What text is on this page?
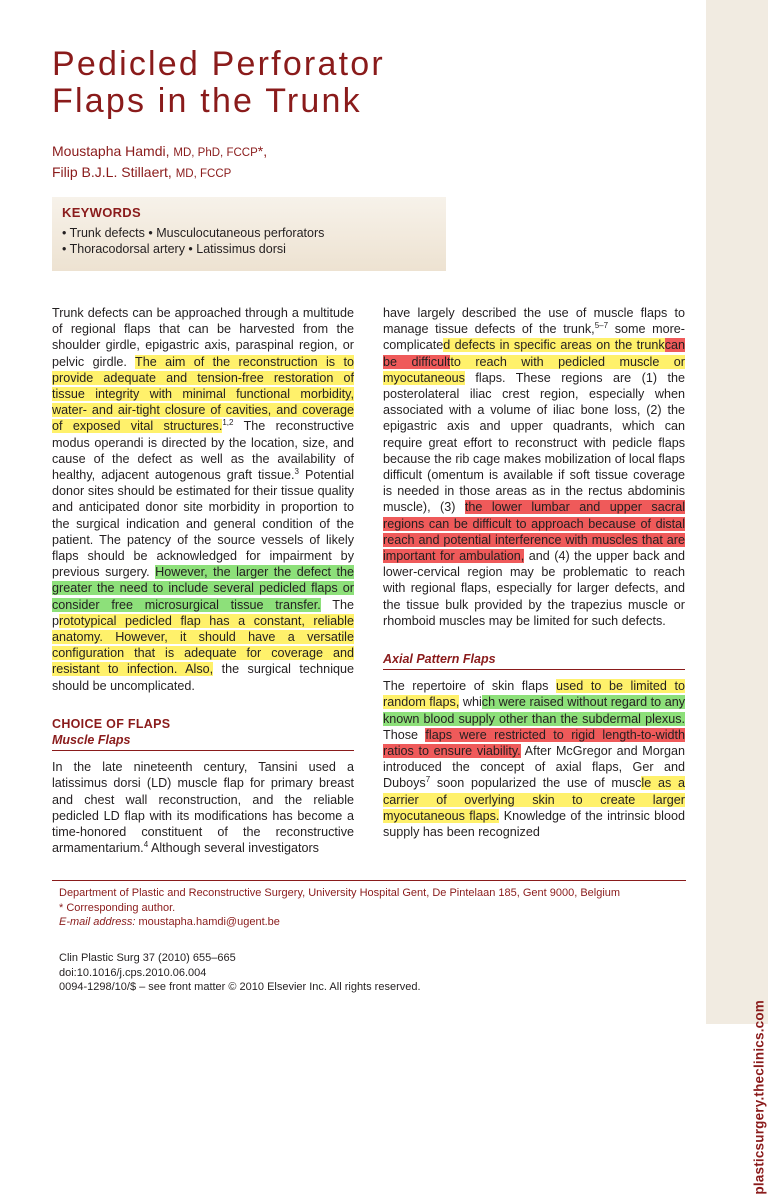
plasticsurgery.theclinics.com
Pedicled Perforator
Flaps in the Trunk
Moustapha Hamdi, MD, PhD, FCCP*,
Filip B.J.L. Stillaert, MD, FCCP
KEYWORDS
• Trunk defects • Musculocutaneous perforators
• Thoracodorsal artery • Latissimus dorsi

Trunk defects can be approached through a multitude of regional flaps that can be harvested from the shoulder girdle, epigastric axis, paraspinal region, or pelvic girdle. The aim of the reconstruction is to provide adequate and tension-free restoration of tissue integrity with minimal functional morbidity, water- and air-tight closure of cavities, and coverage of exposed vital structures.$^{1,2}$ The reconstructive modus operandi is directed by the location, size, and cause of the defect as well as the availability of healthy, adjacent autogenous graft tissue.$^3$ Potential donor sites should be estimated for their tissue quality and anticipated donor site morbidity in proportion to the surgical indication and general condition of the patient. The patency of the source vessels of likely flaps should be acknowledged for impairment by previous surgery. However, the larger the defect the greater the need to include several pedicled flaps or consider free microsurgical tissue transfer. The prototypical pedicled flap has a constant, reliable anatomy. However, it should have a versatile configuration that is adequate for coverage and resistant to infection. Also, the surgical technique should be uncomplicated.

CHOICE OF FLAPS
Muscle Flaps

In the late nineteenth century, Tansini used a latissimus dorsi (LD) muscle flap for primary breast and chest wall reconstruction, and the reliable pedicled LD flap with its modifications has become a time-honored constituent of the reconstructive armamentarium.$^4$ Although several investigators

have largely described the use of muscle flaps to manage tissue defects of the trunk,$^{5-7}$ some more-complicated defects in specific areas on the trunkcan be difficultto reach with pedicled muscle or myocutaneous flaps. These regions are (1) the posterolateral iliac crest region, especially when associated with a volume of iliac bone loss, (2) the epigastric axis and upper quadrants, which can require great effort to reconstruct with pedicle flaps because the rib cage makes mobilization of local flaps difficult (omentum is available if soft tissue coverage is needed in those areas as in the rectus abdominis muscle), (3) the lower lumbar and upper sacral regions can be difficult to approach because of distal reach and potential interference with muscles that are important for ambulation, and (4) the upper back and lower-cervical region may be problematic to reach with regional flaps, especially for larger defects, and the tissue bulk provided by the trapezius muscle or rhomboid muscles may be limited for such defects.

Axial Pattern Flaps

The repertoire of skin flaps used to be limited to random flaps, which were raised without regard to any known blood supply other than the subdermal plexus. Those flaps were restricted to rigid length-to-width ratios to ensure viability. After McGregor and Morgan introduced the concept of axial flaps, Ger and Duboys$^7$ soon popularized the use of muscle as a carrier of overlying skin to create larger myocutaneous flaps. Knowledge of the intrinsic blood supply has been recognized

Department of Plastic and Reconstructive Surgery, University Hospital Gent, De Pintelaan 185, Gent 9000, Belgium
* Corresponding author.
E-mail address: moustapha.hamdi@ugent.be
Clin Plastic Surg 37 (2010) 655–665
doi:10.1016/j.cps.2010.06.004
0094-1298/10/$ – see front matter © 2010 Elsevier Inc. All rights reserved.
